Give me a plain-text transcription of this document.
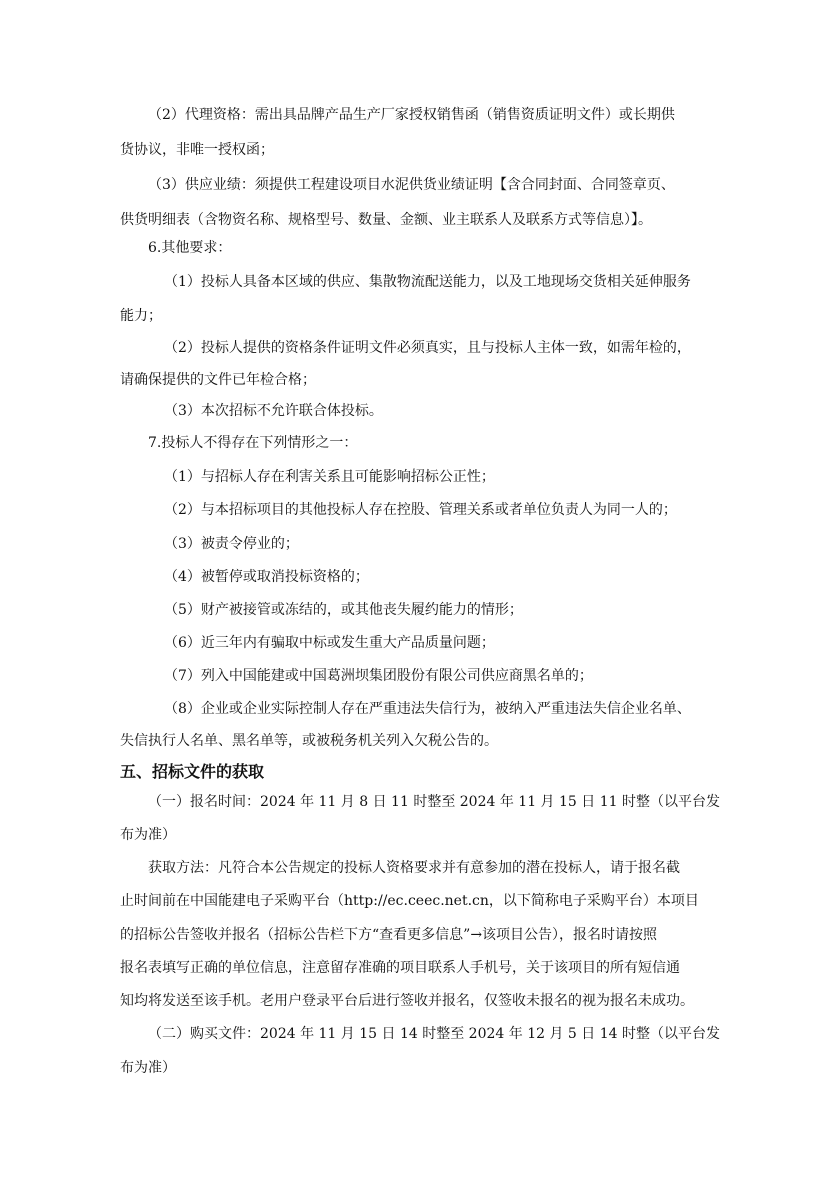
（2）代理资格：需出具品牌产品生产厂家授权销售函（销售资质证明文件）或长期供
货协议，非唯一授权函；
（3）供应业绩：须提供工程建设项目水泥供货业绩证明【含合同封面、合同签章页、
供货明细表（含物资名称、规格型号、数量、金额、业主联系人及联系方式等信息）】。
6.其他要求：
（1）投标人具备本区域的供应、集散物流配送能力，以及工地现场交货相关延伸服务
能力；
（2）投标人提供的资格条件证明文件必须真实，且与投标人主体一致，如需年检的，
请确保提供的文件已年检合格；
（3）本次招标不允许联合体投标。
7.投标人不得存在下列情形之一：
（1）与招标人存在利害关系且可能影响招标公正性；
（2）与本招标项目的其他投标人存在控股、管理关系或者单位负责人为同一人的；
（3）被责令停业的；
（4）被暂停或取消投标资格的；
（5）财产被接管或冻结的，或其他丧失履约能力的情形；
（6）近三年内有骗取中标或发生重大产品质量问题；
（7）列入中国能建或中国葛洲坝集团股份有限公司供应商黑名单的；
（8）企业或企业实际控制人存在严重违法失信行为，被纳入严重违法失信企业名单、
失信执行人名单、黑名单等，或被税务机关列入欠税公告的。
五、招标文件的获取
（一）报名时间：2024 年 11 月 8 日 11 时整至 2024 年 11 月 15 日 11 时整（以平台发
布为准）
获取方法：凡符合本公告规定的投标人资格要求并有意参加的潜在投标人，请于报名截
止时间前在中国能建电子采购平台（http://ec.ceec.net.cn，以下简称电子采购平台）本项目
的招标公告签收并报名（招标公告栏下方“查看更多信息”→该项目公告），报名时请按照
报名表填写正确的单位信息，注意留存准确的项目联系人手机号，关于该项目的所有短信通
知均将发送至该手机。老用户登录平台后进行签收并报名，仅签收未报名的视为报名未成功。
（二）购买文件：2024 年 11 月 15 日 14 时整至 2024 年 12 月 5 日 14 时整（以平台发
布为准）
